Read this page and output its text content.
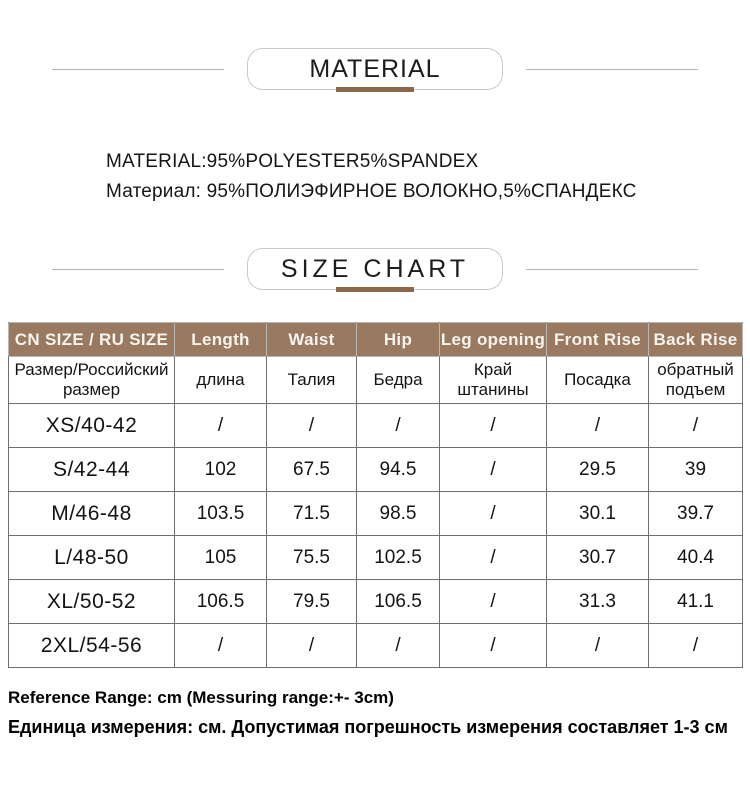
MATERIAL
MATERIAL:95%POLYESTER5%SPANDEX
Материал: 95%ПОЛИЭФИРНОЕ ВОЛОКНО,5%СПАНДЕКС
SIZE CHART
CN SIZE / RU SIZE	Length	Waist	Hip	Leg opening	Front Rise	Back Rise
Размер/Российский размер	длина	Талия	Бедра	Край штанины	Посадка	обратный подъем
XS/40-42	/	/	/	/	/	/
S/42-44	102	67.5	94.5	/	29.5	39
M/46-48	103.5	71.5	98.5	/	30.1	39.7
L/48-50	105	75.5	102.5	/	30.7	40.4
XL/50-52	106.5	79.5	106.5	/	31.3	41.1
2XL/54-56	/	/	/	/	/	/
Reference Range: cm (Messuring range:+- 3cm)
Единица измерения: см. Допустимая погрешность измерения составляет 1-3 см
